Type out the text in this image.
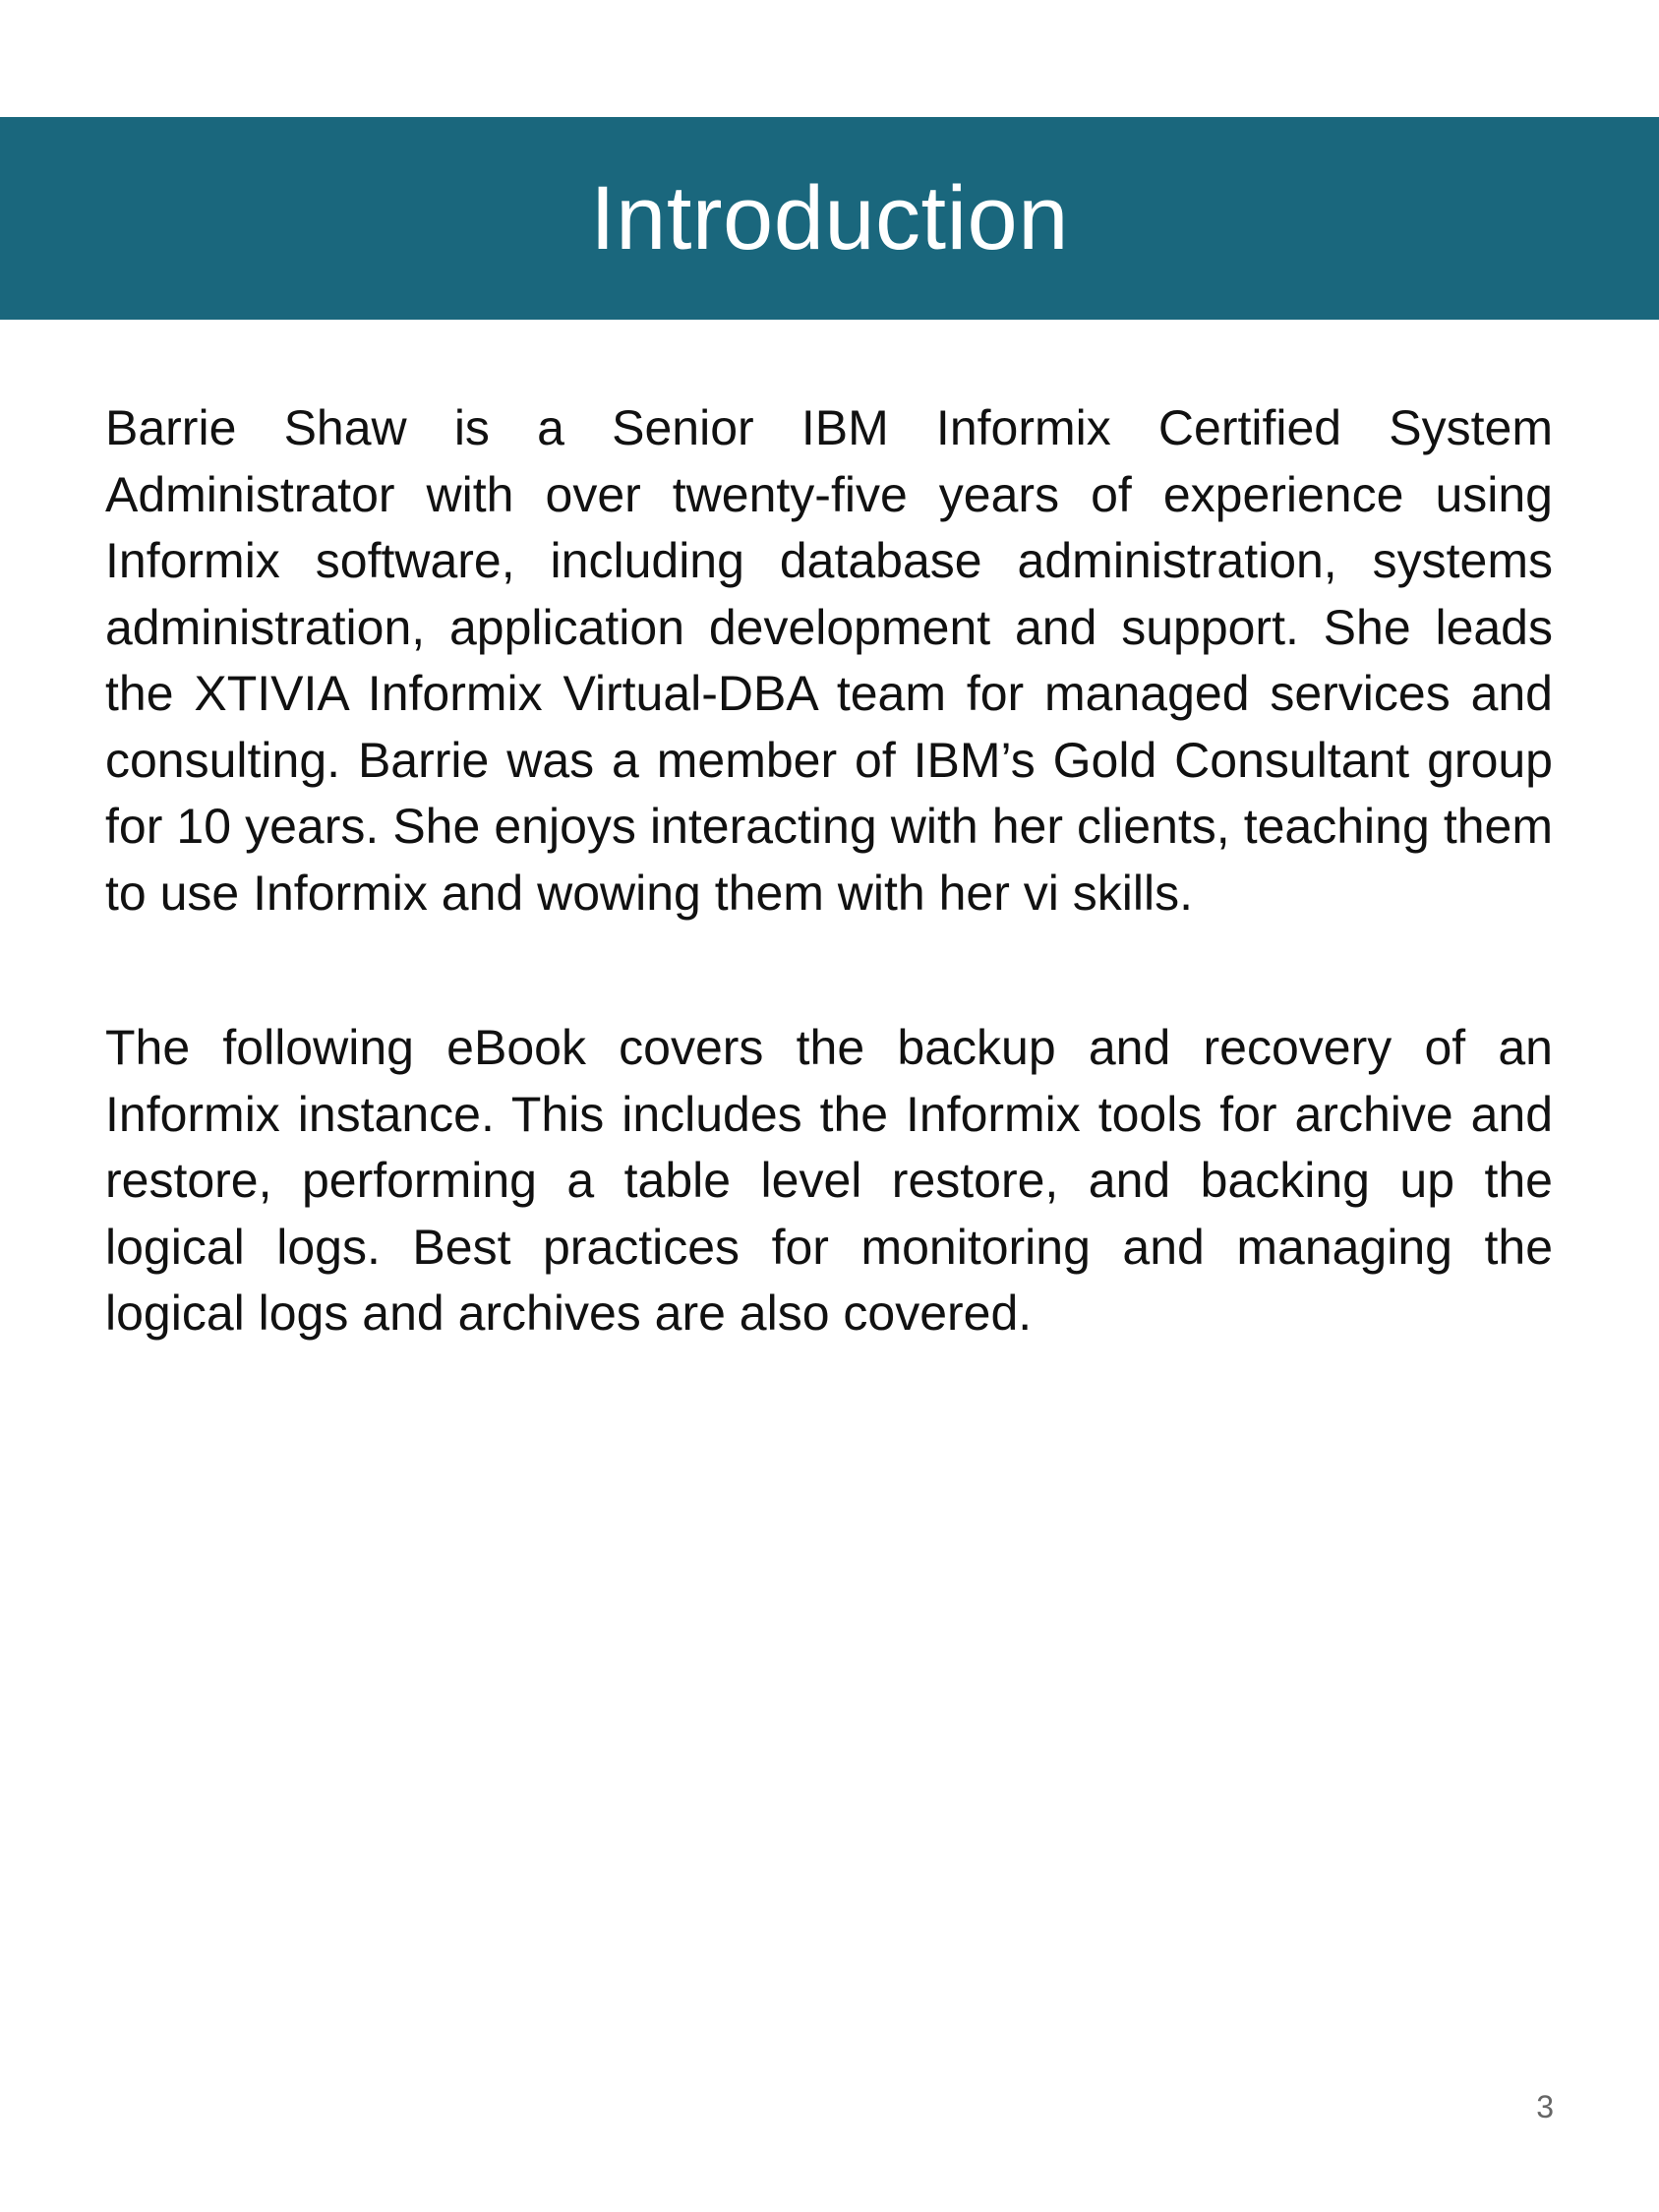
Introduction

Barrie Shaw is a Senior IBM Informix Certified System Administrator with over twenty-five years of experience using Informix software, including database administration, systems administration, application development and support. She leads the XTIVIA Informix Virtual-DBA team for managed services and consulting. Barrie was a member of IBM’s Gold Consultant group for 10 years. She enjoys interacting with her clients, teaching them to use Informix and wowing them with her vi skills.

The following eBook covers the backup and recovery of an Informix instance. This includes the Informix tools for archive and restore, performing a table level restore, and backing up the logical logs. Best practices for monitoring and managing the logical logs and archives are also covered.

3
